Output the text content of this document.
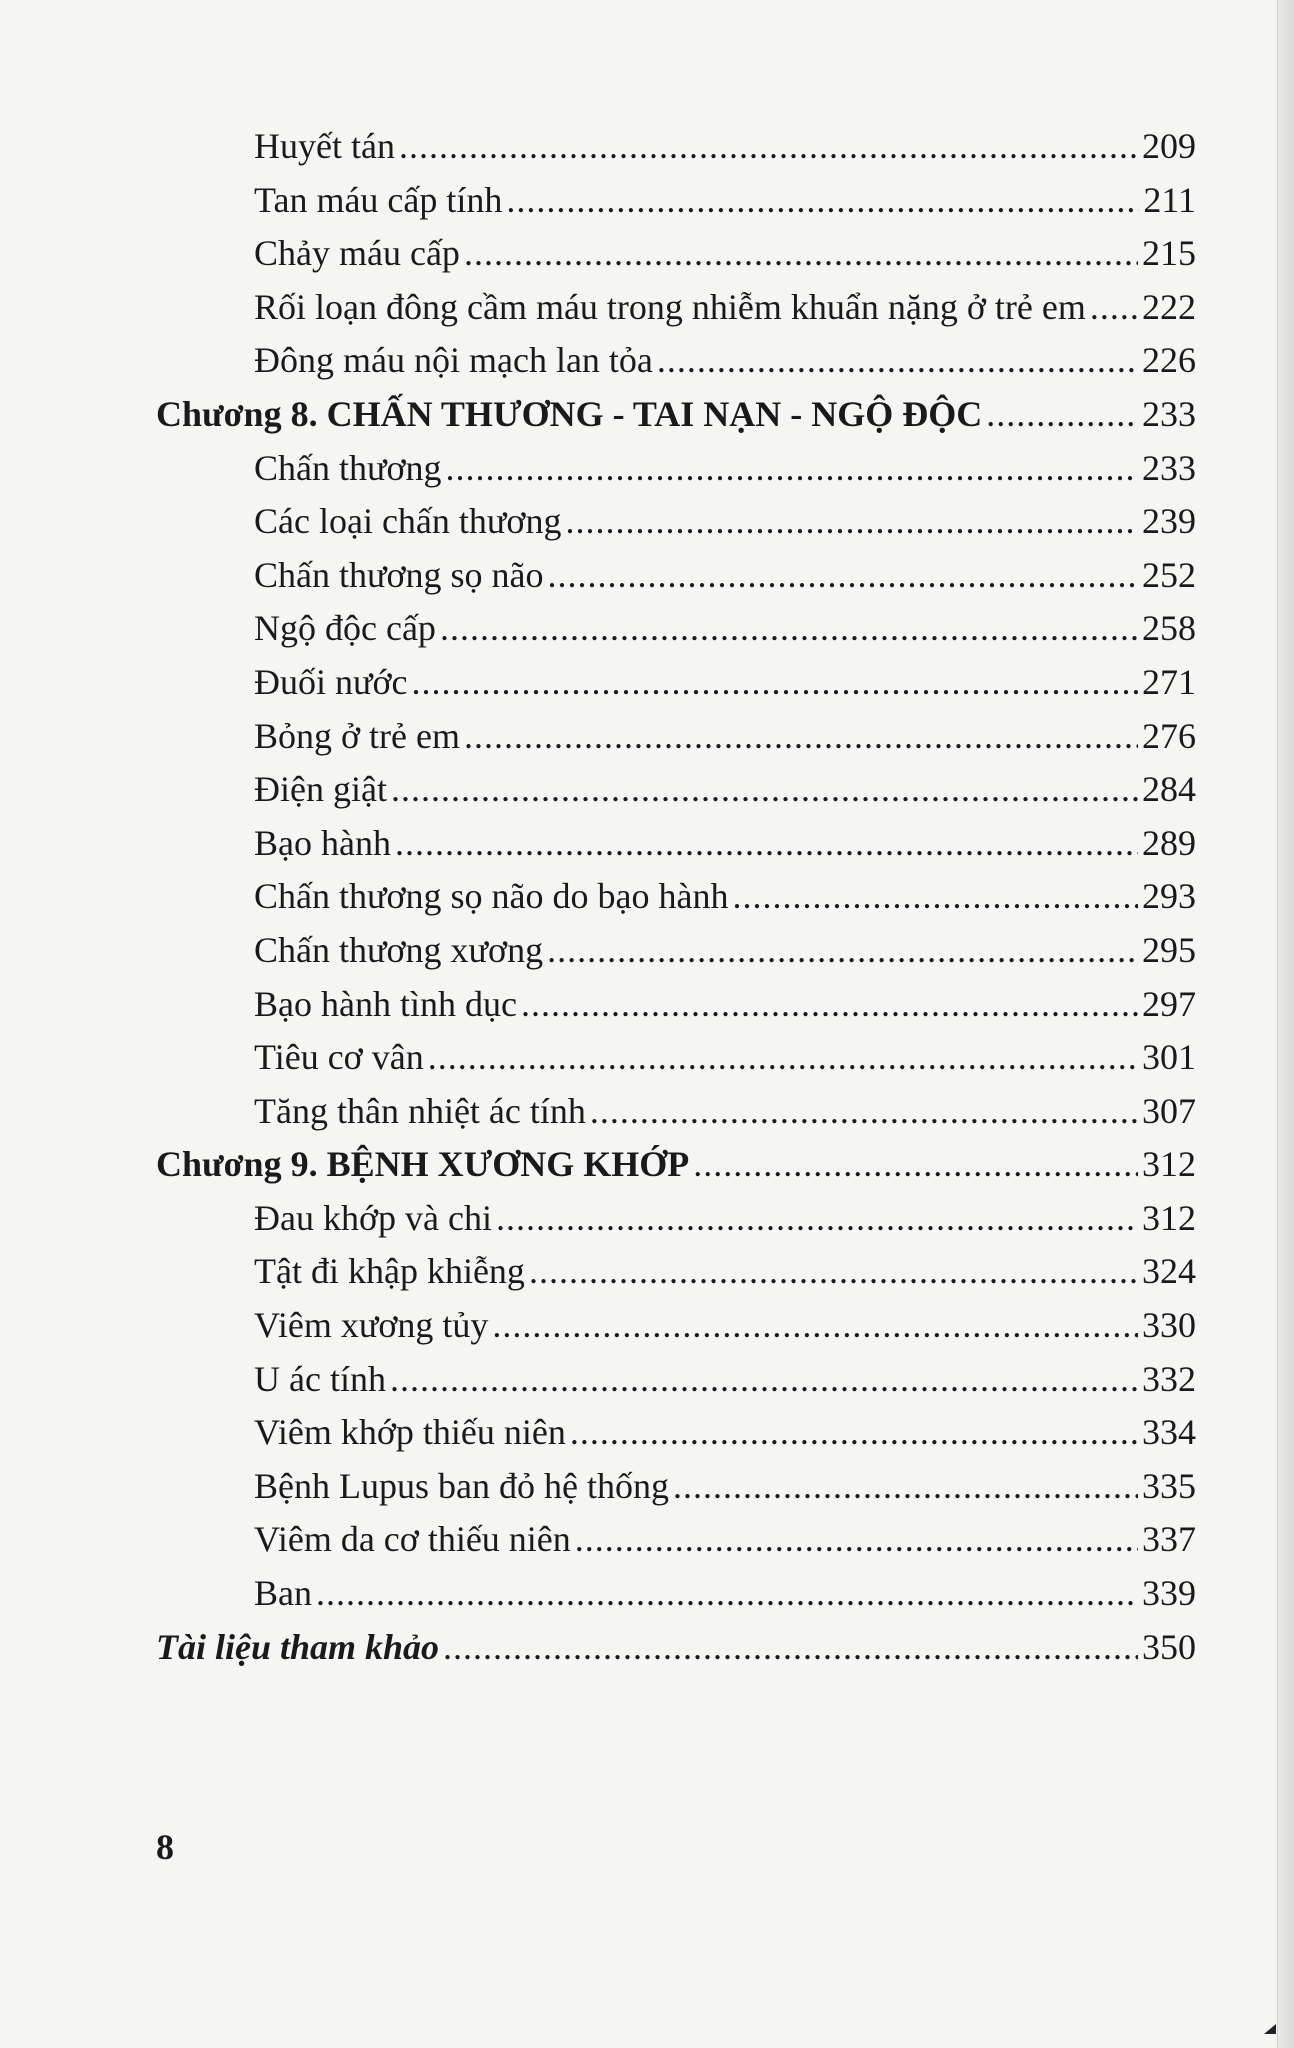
Huyết tán .....	209
Tan máu cấp tính .....	211
Chảy máu cấp .....	215
Rối loạn đông cầm máu trong nhiễm khuẩn nặng ở trẻ em ..... 222
Đông máu nội mạch lan tỏa .....	226
Chương 8. CHẤN THƯƠNG - TAI NẠN - NGỘ ĐỘC .....	233
Chấn thương .....	233
Các loại chấn thương .....	239
Chấn thương sọ não .....	252
Ngộ độc cấp .....	258
Đuối nước .....	271
Bỏng ở trẻ em .....	276
Điện giật .....	284
Bạo hành .....	289
Chấn thương sọ não do bạo hành .....	293
Chấn thương xương .....	295
Bạo hành tình dục .....	297
Tiêu cơ vân .....	301
Tăng thân nhiệt ác tính .....	307
Chương 9. BỆNH XƯƠNG KHỚP .....	312
Đau khớp và chi .....	312
Tật đi khập khiễng .....	324
Viêm xương tủy .....	330
U ác tính .....	332
Viêm khớp thiếu niên .....	334
Bệnh Lupus ban đỏ hệ thống .....	335
Viêm da cơ thiếu niên .....	337
Ban .....	339
Tài liệu tham khảo .....	350
8
